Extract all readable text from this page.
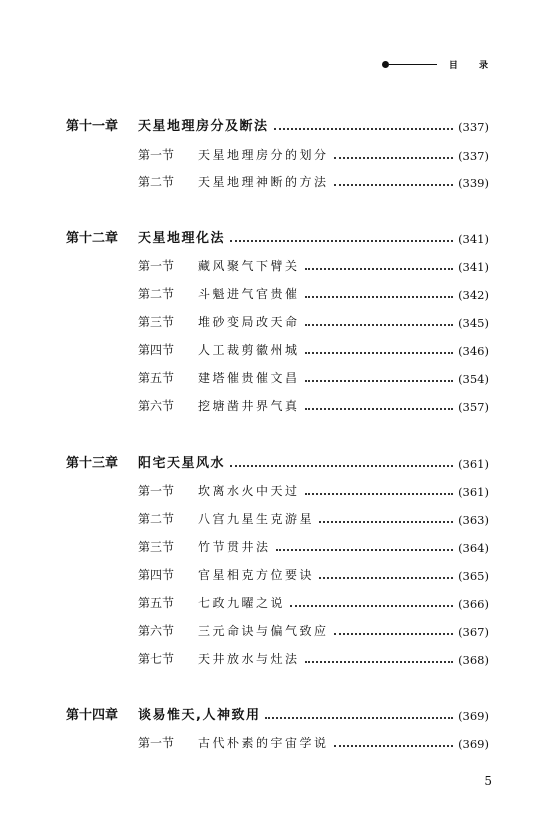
目 录
第十一章	天星地理房分及断法	(337)
第一节	天星地理房分的划分	(337)
第二节	天星地理神断的方法	(339)
第十二章	天星地理化法	(341)
第一节	藏风聚气下臂关	(341)
第二节	斗魁进气官贵催	(342)
第三节	堆砂变局改天命	(345)
第四节	人工裁剪徽州城	(346)
第五节	建塔催贵催文昌	(354)
第六节	挖塘凿井界气真	(357)
第十三章	阳宅天星风水	(361)
第一节	坎离水火中天过	(361)
第二节	八宫九星生克游星	(363)
第三节	竹节贯井法	(364)
第四节	官星相克方位要诀	(365)
第五节	七政九曜之说	(366)
第六节	三元命诀与偏气致应	(367)
第七节	天井放水与灶法	(368)
第十四章	谈易惟天,人神致用	(369)
第一节	古代朴素的宇宙学说	(369)
5
